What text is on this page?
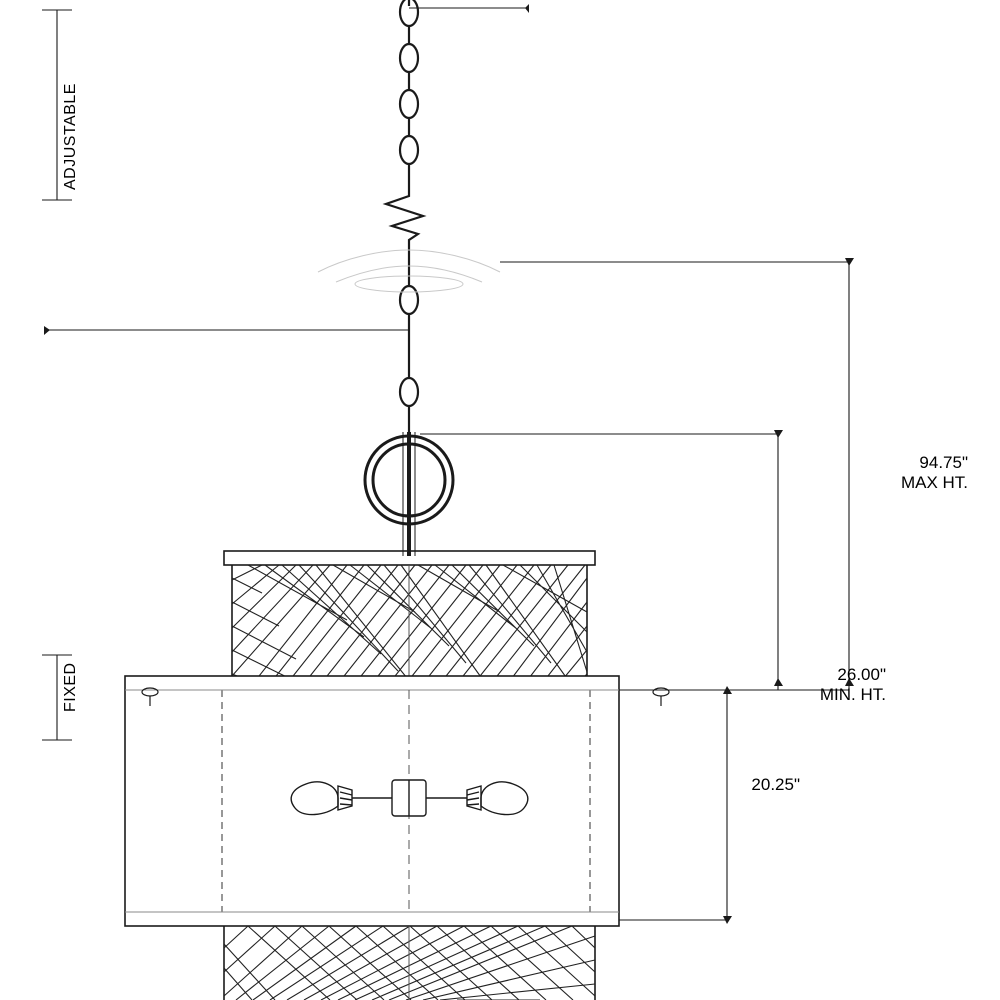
ADJUSTABLE
FIXED
94.75"
MAX HT.
26.00"
MIN. HT.
20.25"
